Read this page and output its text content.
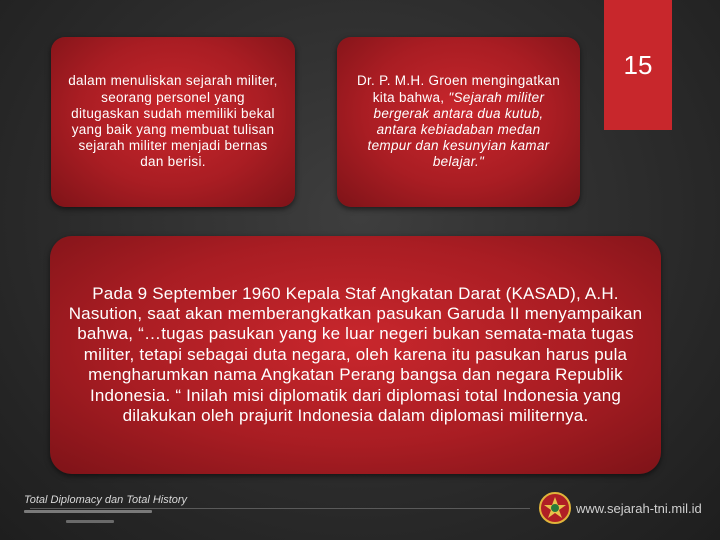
15
dalam menuliskan sejarah militer, seorang personel yang ditugaskan sudah memiliki bekal yang baik yang membuat tulisan sejarah militer menjadi bernas dan berisi.
Dr. P. M.H. Groen mengingatkan kita bahwa, "Sejarah militer bergerak antara dua kutub, antara kebiadaban medan tempur dan kesunyian kamar belajar."
Pada 9 September 1960 Kepala Staf Angkatan Darat (KASAD), A.H. Nasution, saat akan memberangkatkan pasukan Garuda II menyampaikan bahwa, “…tugas pasukan yang ke luar negeri bukan semata-mata tugas militer, tetapi sebagai duta negara, oleh karena itu pasukan harus pula mengharumkan nama Angkatan Perang bangsa dan negara Republik Indonesia. “ Inilah misi diplomatik dari diplomasi total Indonesia yang dilakukan oleh prajurit Indonesia dalam diplomasi militernya.
Total Diplomacy dan Total History
www.sejarah-tni.mil.id
